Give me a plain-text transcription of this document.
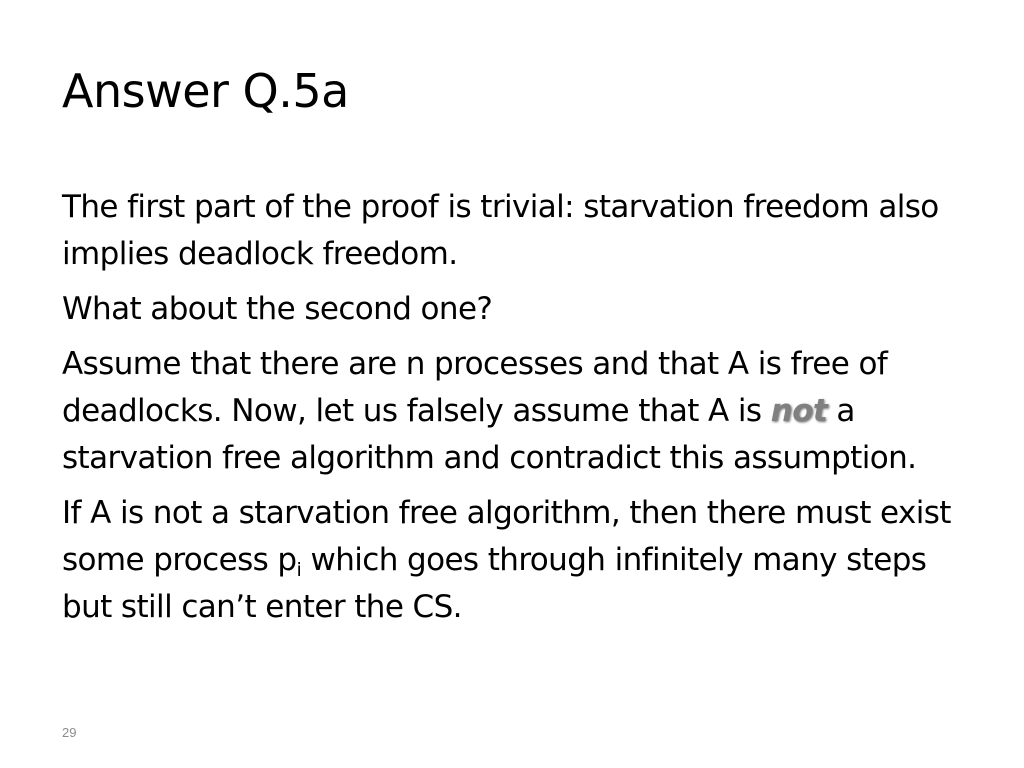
Answer Q.5a

The first part of the proof is trivial: starvation freedom also implies deadlock freedom.

What about the second one?

Assume that there are n processes and that A is free of deadlocks. Now, let us falsely assume that A is not a starvation free algorithm and contradict this assumption.

If A is not a starvation free algorithm, then there must exist some process $p_i$ which goes through infinitely many steps but still can’t enter the CS.

29
